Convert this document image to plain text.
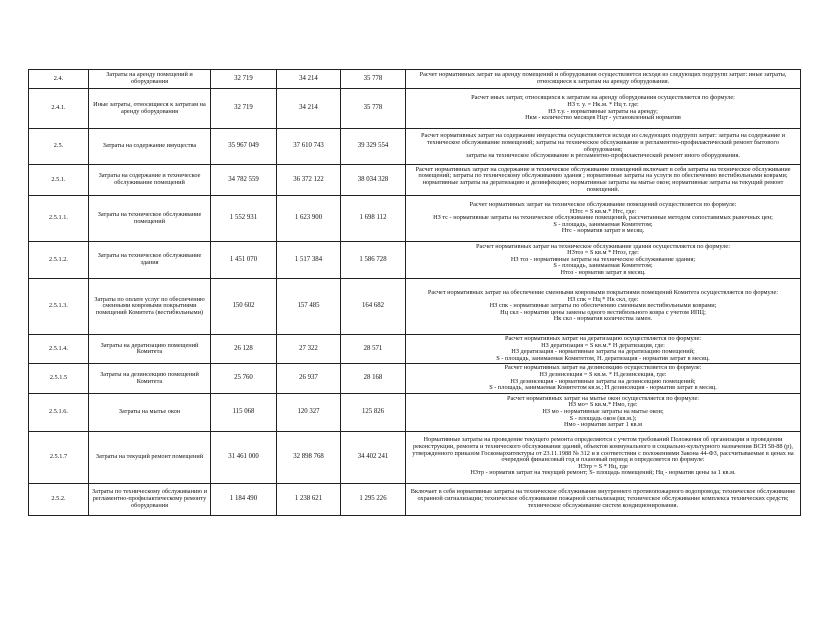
2.4.	Затраты на аренду помещений и оборудования	32 719	34 214	35 778	Расчет нормативных затрат на аренду помещений и оборудования осуществляется исходя из следующих подгрупп затрат: иные затраты, относящиеся к затратам на аренду оборудования.

2.4.1.	Иные затраты, относящиеся к затратам на аренду оборудования	32 719	34 214	35 778	Расчет иных затрат, относящихся к затратам на аренду оборудования осуществляется по формуле:
НЗ т. у. = Нк.м. * Нц т. где:
НЗ т.у. - нормативные затраты на аренду;
Нкм - количество месяцев Нцт - установленный норматив

2.5.	Затраты на содержание имущества	35 967 049	37 610 743	39 329 554	Расчет нормативных затрат на содержание имущества осуществляется исходя из следующих подгрупп затрат: затраты на содержание и техническое обслуживание помещений; затраты на техническое обслуживание и регламентно-профилактический ремонт бытового оборудования;
затраты на техническое обслуживание и регламентно-профилактический ремонт иного оборудования.

2.5.1.	Затраты на содержание и техническое обслуживание помещений	34 782 559	36 372 122	38 034 328	Расчет нормативных затрат на содержание и техническое обслуживание помещений включает в себя затраты на техническое обслуживание помещений; затраты по техническому обслуживанию здания ; нормативные затраты на услуги по обеспечению вестибюльными коврами; нормативные затраты на дератизацию и дезинфекцию; нормативные затраты на мытье окон; нормативные затраты на текущий ремонт помещений.

2.5.1.1.	Затраты на техническое обслуживание помещений	1 552 931	1 623 900	1 698 112	Расчет нормативных затрат на техническое обслуживание помещений осуществляется по формуле:
НЗтс = S кв.м.* Нтс, где:
НЗ тс - нормативные затраты на техническое обслуживание помещений, рассчитанные методом сопоставимых рыночных цен;
S - площадь, занимаемая Комитетом;
Нтс - норматив затрат в месяц.

2.5.1.2.	Затраты на техническое обслуживание здания	1 451 070	1 517 384	1 586 728	Расчет нормативных затрат на техническое обслуживание здания осуществляется по формуле:
НЗтоз = S кв.м * Нтоз, где:
НЗ тоз - нормативные затраты на техническое обслуживание здания;
S - площадь, занимаемая Комитетом;
Нтоз - норматив затрат в месяц.

2.5.1.3.	Затраты по оплате услуг по обеспечению сменными ковровыми покрытиями помещений Комитета (вестибюльными)	150 602	157 485	164 682	Расчет нормативных затрат на обеспечение сменными ковровыми покрытиями помещений Комитета осуществляется по формуле:
НЗ спк = Нц * Нк скл, где:
НЗ спк - нормативные затраты по обеспечению сменными вестибюльными коврами;
Нц скл - норматив цены замены одного вестибюльного ковра с учетом ИПЦ;
Нк скл - норматив количества замен.

2.5.1.4.	Затраты на дератизацию помещений Комитета	26 128	27 322	28 571	Расчет нормативных затрат на дератизацию осуществляется по формуле:
НЗ дератизация = S кв.м.* Н дератизация, где:
НЗ дератизация - нормативные затраты на дератизацию помещений;
S - площадь, занимаемая Комитетом, Н. дератизация - норматив затрат в месяц.

2.5.1.5	Затраты на дезинсекцию помещений Комитета	25 760	26 937	28 168	Расчет нормативных затрат на дезинсекцию осуществляется по формуле:
НЗ дезинсекция = S кв.м. * Н.дезинсекция, где:
НЗ дезинсекция - нормативные затраты на дезинсекцию помещений;
S - площадь, занимаемая Комитетом кв.м.; Н дезинсекция - норматив затрат в месяц.

2.5.1.6.	Затраты на мытье окон	115 068	120 327	125 826	Расчет нормативных затрат на мытье окон осуществляется по формуле:
НЗ мо= S кв.м.* Нмо, где:
НЗ мо - нормативные затраты на мытье окон;
S - площадь окон (кв.м.);
Нмо - норматив затрат 1 кв.м

2.5.1.7	Затраты на текущий ремонт помещений	31 461 000	32 898 768	34 402 241	Нормативные затраты на проведение текущего ремонта определяются с учетом требований Положения об организации и проведении реконструкции, ремонта и технического обслуживания зданий, объектов коммунального и социально-культурного назначения ВСН 58-88 (р), утвержденного приказом Госкомархитектуры от 23.11.1988 № 312 и в соответствии с положениями Закона 44-ФЗ, рассчитываемые в ценах на очередной финансовый год и плановый период и определяется по формуле:
НЗтр = S * Нц, где
НЗтр - норматив затрат на текущий ремонт; S- площадь помещений; Нц - норматив цены за 1 кв.м.

2.5.2.	Затраты по техническому обслуживанию и регламентно-профилактическому ремонту оборудования	1 184 490	1 238 621	1 295 226	Включает в себя нормативные затраты на техническое обслуживание внутреннего противопожарного водопровода; техническое обслуживание охранной сигнализации; техническое обслуживание пожарной сигнализации; техническое обслуживание комплекса технических средств; техническое обслуживание систем кондиционирования.
